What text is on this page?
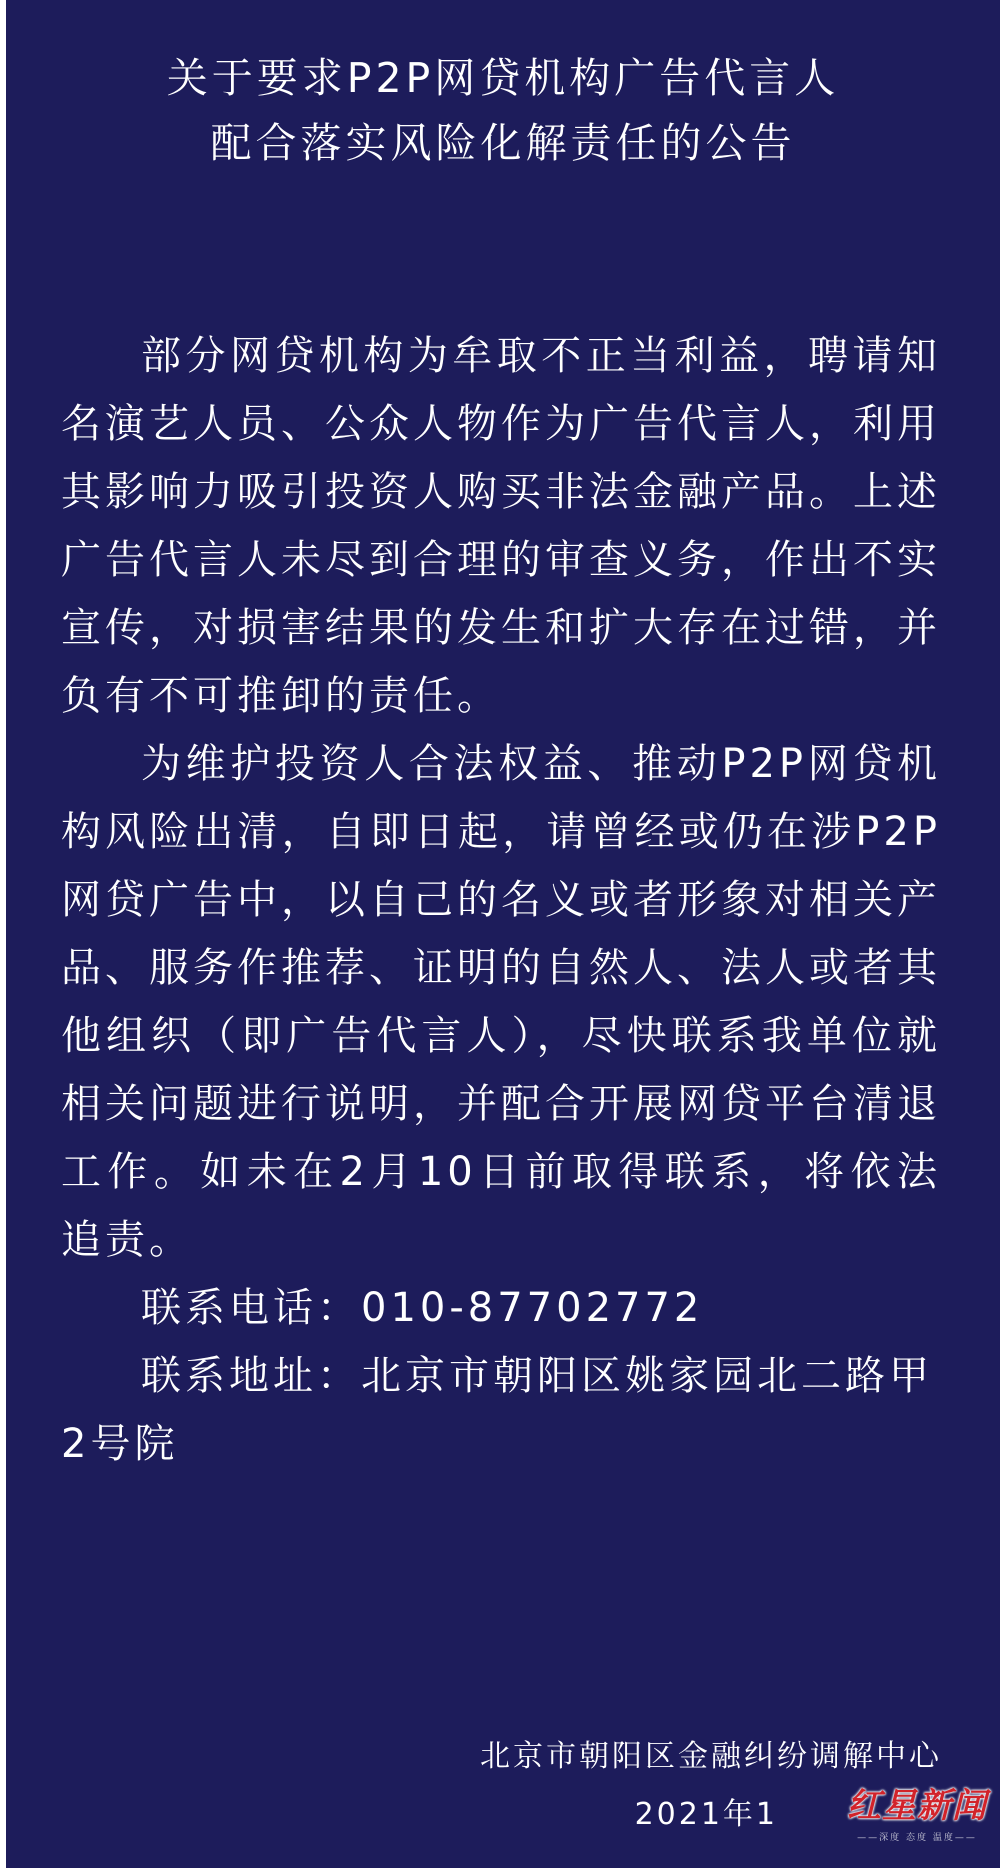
关于要求P2P网贷机构广告代言人
配合落实风险化解责任的公告

部分网贷机构为牟取不正当利益，聘请知名演艺人员、公众人物作为广告代言人，利用其影响力吸引投资人购买非法金融产品。上述广告代言人未尽到合理的审查义务，作出不实宣传，对损害结果的发生和扩大存在过错，并负有不可推卸的责任。

为维护投资人合法权益、推动P2P网贷机构风险出清，自即日起，请曾经或仍在涉P2P网贷广告中，以自己的名义或者形象对相关产品、服务作推荐、证明的自然人、法人或者其他组织（即广告代言人），尽快联系我单位就相关问题进行说明，并配合开展网贷平台清退工作。如未在2月10日前取得联系，将依法追责。

联系电话：010-87702772

联系地址：北京市朝阳区姚家园北二路甲2号院

北京市朝阳区金融纠纷调解中心
2021年1 红星新闻
——深度 态度 温度——
